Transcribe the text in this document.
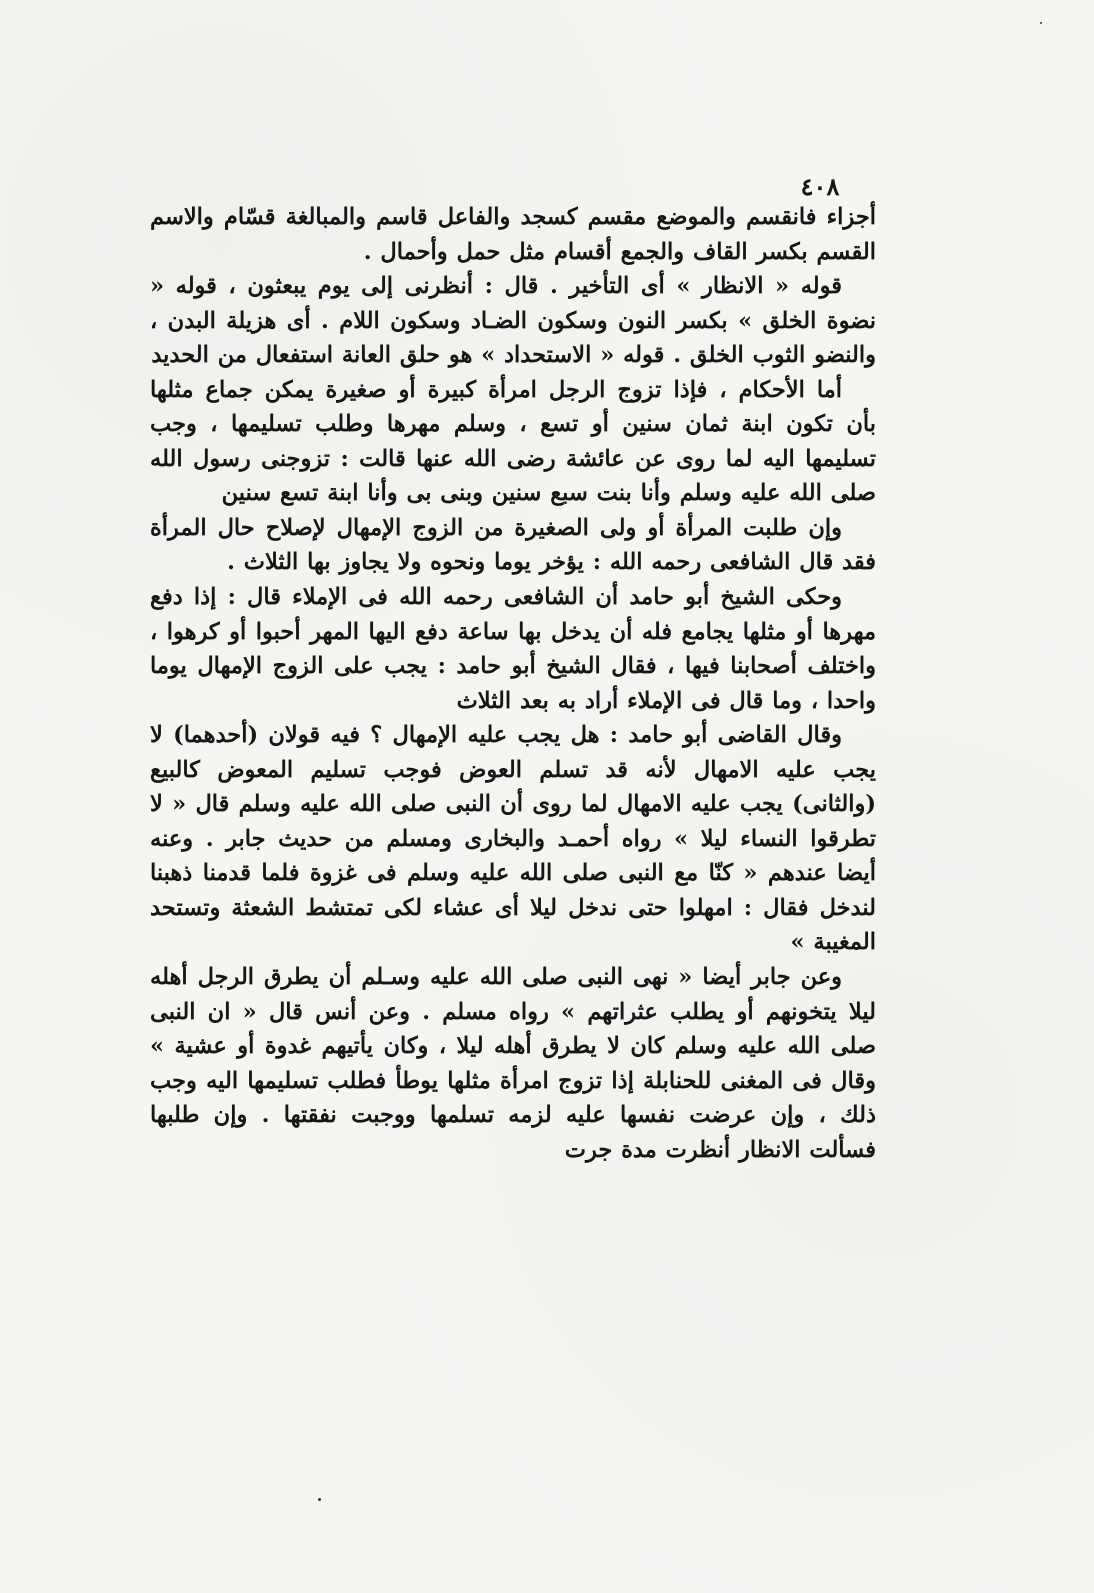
٤٠٨

أجزاء فانقسم والموضع مقسم كسجد والفاعل قاسم والمبالغة قسّام والاسم القسم بكسر القاف والجمع أقسام مثل حمل وأحمال .

قوله « الانظار » أى التأخير . قال : أنظرنى إلى يوم يبعثون ، قوله « نضوة الخلق » بكسر النون وسكون الضـاد وسكون اللام . أى هزيلة البدن ، والنضو الثوب الخلق . قوله « الاستحداد » هو حلق العانة استفعال من الحديد

أما الأحكام ، فإذا تزوج الرجل امرأة كبيرة أو صغيرة يمكن جماع مثلها بأن تكون ابنة ثمان سنين أو تسع ، وسلم مهرها وطلب تسليمها ، وجب تسليمها اليه لما روى عن عائشة رضى الله عنها قالت : تزوجنى رسول الله صلى الله عليه وسلم وأنا بنت سبع سنين وبنى بى وأنا ابنة تسع سنين

وإن طلبت المرأة أو ولى الصغيرة من الزوج الإمهال لإصلاح حال المرأة فقد قال الشافعى رحمه الله : يؤخر يوما ونحوه ولا يجاوز بها الثلاث .

وحكى الشيخ أبو حامد أن الشافعى رحمه الله فى الإملاء قال : إذا دفع مهرها أو مثلها يجامع فله أن يدخل بها ساعة دفع اليها المهر أحبوا أو كرهوا ، واختلف أصحابنا فيها ، فقال الشيخ أبو حامد : يجب على الزوج الإمهال يوما واحدا ، وما قال فى الإملاء أراد به بعد الثلاث

وقال القاضى أبو حامد : هل يجب عليه الإمهال ؟ فيه قولان (أحدهما) لا يجب عليه الامهال لأنه قد تسلم العوض فوجب تسليم المعوض كالبيع (والثانى) يجب عليه الامهال لما روى أن النبى صلى الله عليه وسلم قال « لا تطرقوا النساء ليلا » رواه أحمـد والبخارى ومسلم من حديث جابر . وعنه أيضا عندهم « كنّا مع النبى صلى الله عليه وسلم فى غزوة فلما قدمنا ذهبنا لندخل فقال : امهلوا حتى ندخل ليلا أى عشاء لكى تمتشط الشعثة وتستحد المغيبة »

وعن جابر أيضا « نهى النبى صلى الله عليه وسـلم أن يطرق الرجل أهله ليلا يتخونهم أو يطلب عثراتهم » رواه مسلم . وعن أنس قال « ان النبى صلى الله عليه وسلم كان لا يطرق أهله ليلا ، وكان يأتيهم غدوة أو عشية » وقال فى المغنى للحنابلة إذا تزوج امرأة مثلها يوطأ فطلب تسليمها اليه وجب ذلك ، وإن عرضت نفسها عليه لزمه تسلمها ووجبت نفقتها . وإن طلبها فسألت الانظار أنظرت مدة جرت
